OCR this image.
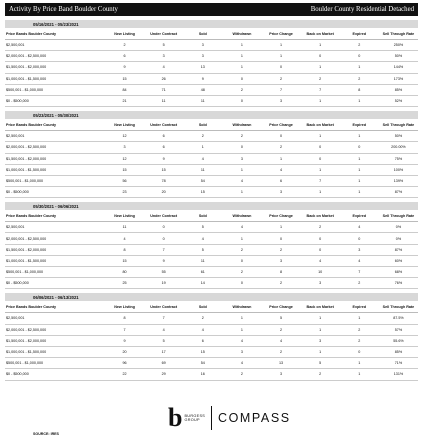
Activity By Price Band Boulder County	Boulder County Residential Detached
05/16/2021 - 05/23/2021
Price Bands Boulder County	New Listing	Under Contract	Sold	Withdrawn	Price Change	Back on Market	Expired	Sell Through Rate
$2,500,001	2	5	3	1	1	1	2	250%
$2,000,001 - $2,500,000	6	3	3	1	1	0	0	50%
$1,500,001 - $2,000,000	9	4	13	1	0	1	1	144%
$1,000,001 - $1,500,000	15	26	9	0	2	2	2	173%
$500,001 - $1,000,000	84	71	48	2	7	7	8	85%
$0 - $500,000	21	11	11	0	3	1	1	52%
05/23/2021 - 05/30/2021
Price Bands Boulder County	New Listing	Under Contract	Sold	Withdrawn	Price Change	Back on Market	Expired	Sell Through Rate
$2,500,001	12	6	2	2	0	1	1	50%
$2,000,001 - $2,500,000	3	6	1	0	2	0	0	200.00%
$1,500,001 - $2,000,000	12	9	4	3	1	0	1	75%
$1,000,001 - $1,500,000	15	15	11	1	4	1	1	100%
$500,001 - $1,000,000	56	78	54	4	6	7	1	139%
$0 - $500,000	23	20	15	1	3	1	1	87%
05/30/2021 - 06/06/2021
Price Bands Boulder County	New Listing	Under Contract	Sold	Withdrawn	Price Change	Back on Market	Expired	Sell Through Rate
$2,500,001	11	0	5	4	1	2	4	0%
$2,000,001 - $2,500,000	4	0	4	1	0	0	0	0%
$1,500,001 - $2,000,000	8	7	5	2	2	0	3	87%
$1,000,001 - $1,500,000	15	9	11	0	3	4	4	60%
$500,001 - $1,000,000	80	55	61	2	8	10	7	68%
$0 - $500,000	25	19	14	0	2	3	2	76%
06/06/2021 - 06/13/2021
Price Bands Boulder County	New Listing	Under Contract	Sold	Withdrawn	Price Change	Back on Market	Expired	Sell Through Rate
$2,500,001	8	7	2	1	5	1	1	87.5%
$2,000,001 - $2,500,000	7	4	4	1	2	1	2	57%
$1,500,001 - $2,000,000	9	5	6	4	4	3	2	55.6%
$1,000,001 - $1,500,000	20	17	15	3	2	1	0	85%
$500,001 - $1,000,000	96	69	54	4	13	5	1	71%
$0 - $500,000	22	29	16	2	3	2	1	131%
b BURGESS
GROUP	COMPASS
SOURCE: IRES
